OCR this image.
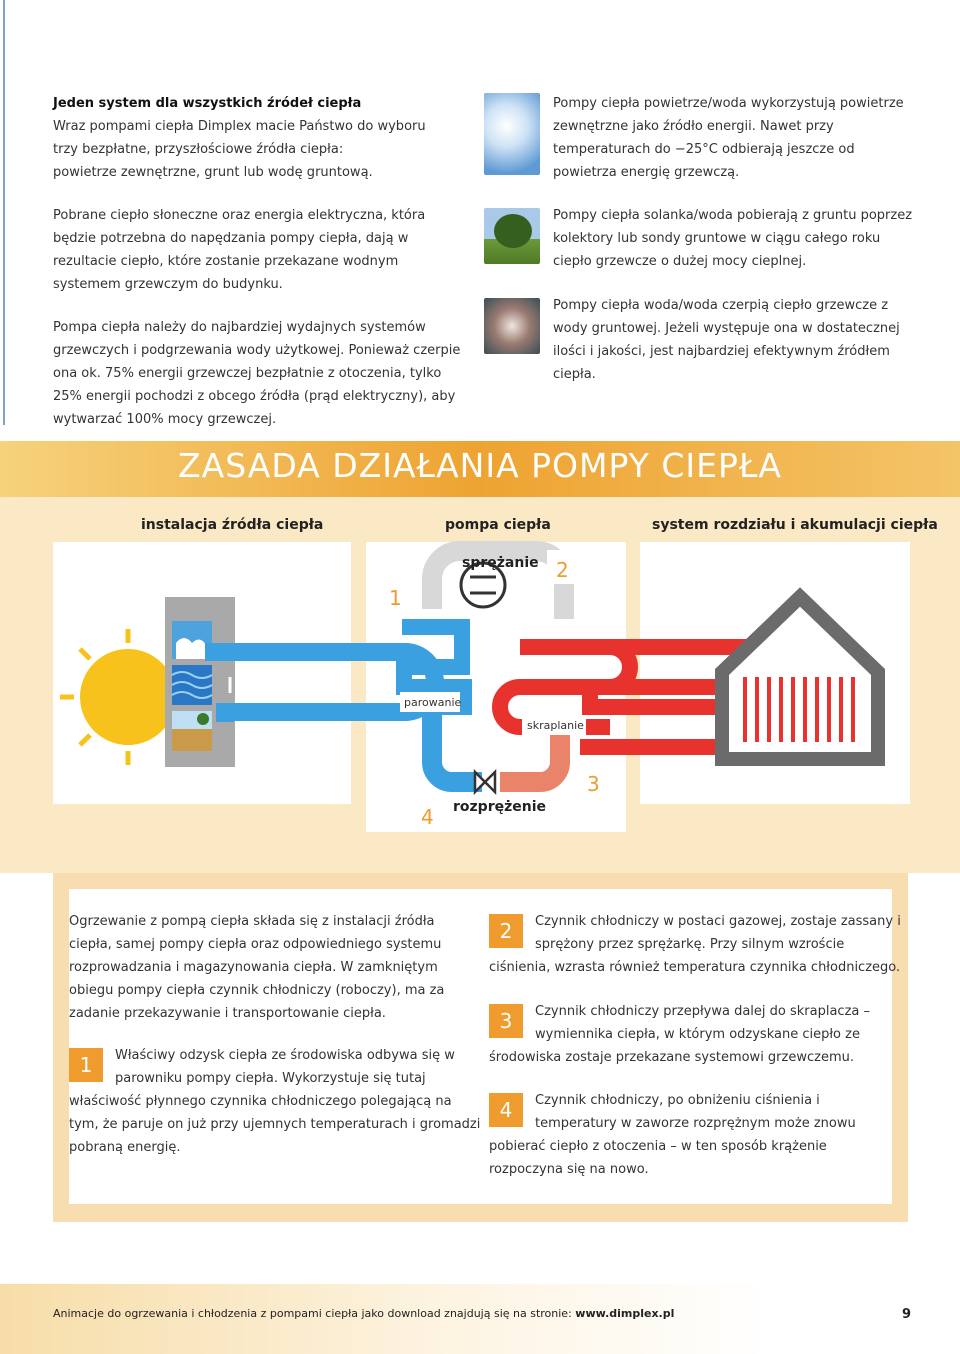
Jeden system dla wszystkich źródeł ciepła
Wraz pompami ciepła Dimplex macie Państwo do wyboru
trzy bezpłatne, przyszłościowe źródła ciepła:
powietrze zewnętrzne, grunt lub wodę gruntową.
Pobrane ciepło słoneczne oraz energia elektryczna, która będzie potrzebna do napędzania pompy ciepła, dają w rezultacie ciepło, które zostanie przekazane wodnym systemem grzewczym do budynku.
Pompa ciepła należy do najbardziej wydajnych systemów grzewczych i podgrzewania wody użytkowej. Ponieważ czerpie ona ok. 75% energii grzewczej bezpłatnie z otoczenia, tylko 25% energii pochodzi z obcego źródła (prąd elektryczny), aby wytwarzać 100% mocy grzewczej.
Pompy ciepła powietrze/woda wykorzystują powietrze zewnętrzne jako źródło energii. Nawet przy temperaturach do −25°C odbierają jeszcze od powietrza energię grzewczą.
Pompy ciepła solanka/woda pobierają z gruntu poprzez kolektory lub sondy gruntowe w ciągu całego roku ciepło grzewcze o dużej mocy cieplnej.
Pompy ciepła woda/woda czerpią ciepło grzewcze z wody gruntowej. Jeżeli występuje ona w dostatecznej ilości i jakości, jest najbardziej efektywnym źródłem ciepła.
ZASADA DZIAŁANIA POMPY CIEPŁA
instalacja źródła ciepła	pompa ciepła	system rozdziału i akumulacji ciepła
parowanie
skraplanie
sprężanie
rozprężenie
1
2
3
4
Ogrzewanie z pompą ciepła składa się z instalacji źródła ciepła, samej pompy ciepła oraz odpowiedniego systemu rozprowadzania i magazynowania ciepła. W zamkniętym obiegu pompy ciepła czynnik chłodniczy (roboczy), ma za zadanie przekazywanie i transportowanie ciepła.
1	Właściwy odzysk ciepła ze środowiska odbywa się w parowniku pompy ciepła. Wykorzystuje się tutaj właściwość płynnego czynnika chłodniczego polegającą na tym, że paruje on już przy ujemnych temperaturach i gromadzi pobraną energię.
2	Czynnik chłodniczy w postaci gazowej, zostaje zassany i sprężony przez sprężarkę. Przy silnym wzroście ciśnienia, wzrasta również temperatura czynnika chłodniczego.
3	Czynnik chłodniczy przepływa dalej do skraplacza – wymiennika ciepła, w którym odzyskane ciepło ze środowiska zostaje przekazane systemowi grzewczemu.
4	Czynnik chłodniczy, po obniżeniu ciśnienia i temperatury w zaworze rozprężnym może znowu pobierać ciepło z otoczenia – w ten sposób krążenie rozpoczyna się na nowo.
Animacje do ogrzewania i chłodzenia z pompami ciepła jako download znajdują się na stronie: www.dimplex.pl	9
